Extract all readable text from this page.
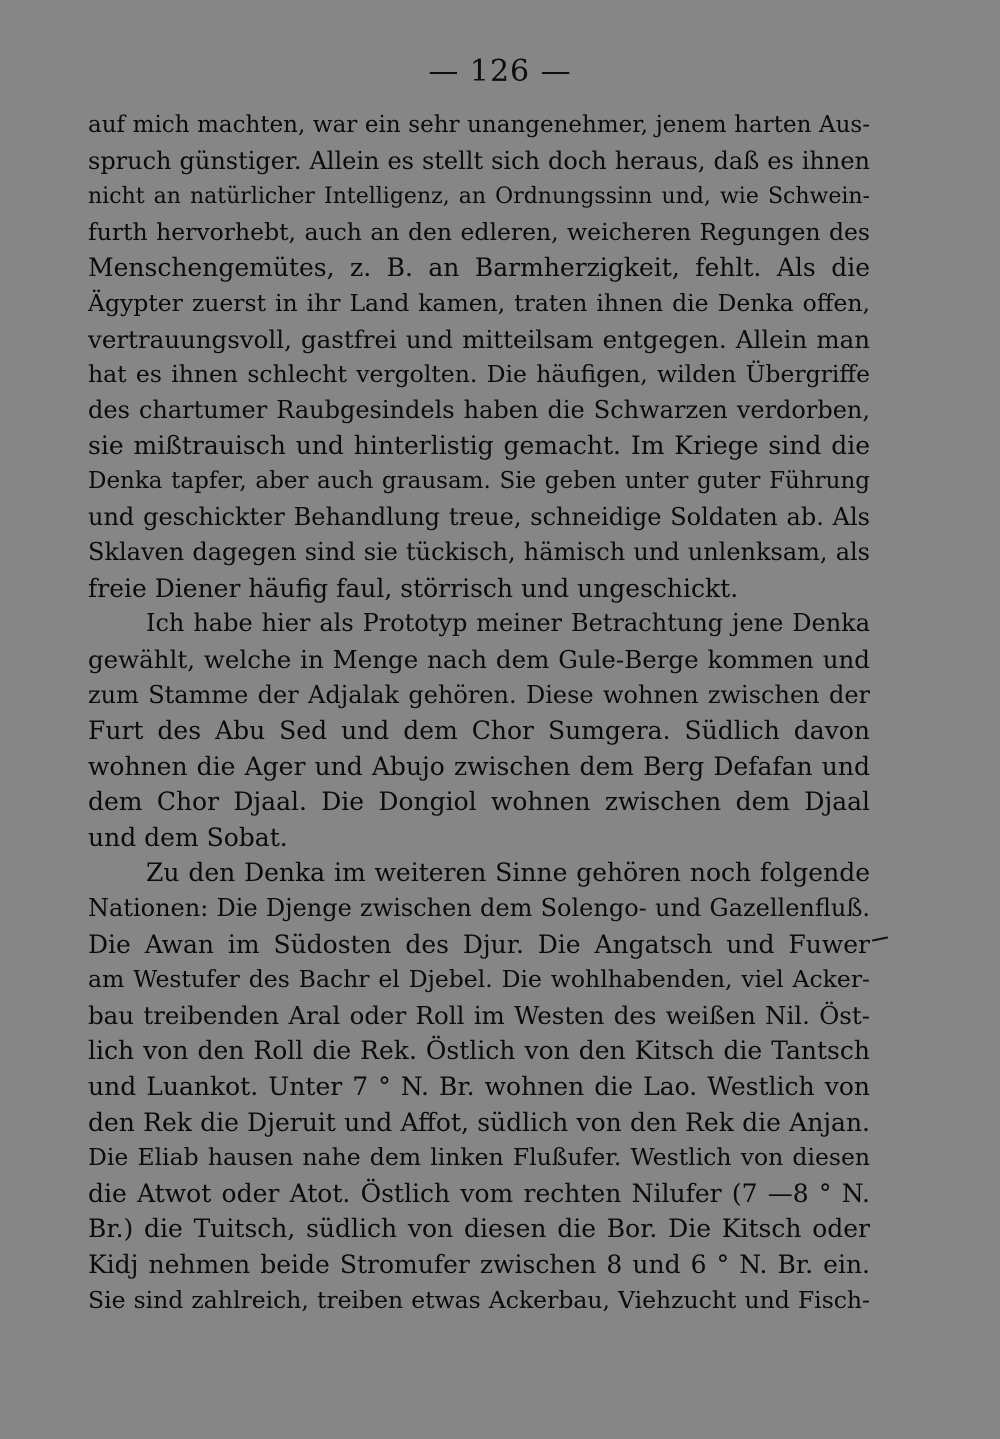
— 126 —
auf mich machten, war ein sehr unangenehmer, jenem harten Aus-
spruch günstiger. Allein es stellt sich doch heraus, daß es ihnen
nicht an natürlicher Intelligenz, an Ordnungssinn und, wie Schwein-
furth hervorhebt, auch an den edleren, weicheren Regungen des
Menschengemütes, z. B. an Barmherzigkeit, fehlt. Als die
Ägypter zuerst in ihr Land kamen, traten ihnen die Denka offen,
vertrauungsvoll, gastfrei und mitteilsam entgegen. Allein man
hat es ihnen schlecht vergolten. Die häufigen, wilden Übergriffe
des chartumer Raubgesindels haben die Schwarzen verdorben,
sie mißtrauisch und hinterlistig gemacht. Im Kriege sind die
Denka tapfer, aber auch grausam. Sie geben unter guter Führung
und geschickter Behandlung treue, schneidige Soldaten ab. Als
Sklaven dagegen sind sie tückisch, hämisch und unlenksam, als
freie Diener häufig faul, störrisch und ungeschickt.
Ich habe hier als Prototyp meiner Betrachtung jene Denka
gewählt, welche in Menge nach dem Gule-Berge kommen und
zum Stamme der Adjalak gehören. Diese wohnen zwischen der
Furt des Abu Sed und dem Chor Sumgera. Südlich davon
wohnen die Ager und Abujo zwischen dem Berg Defafan und
dem Chor Djaal. Die Dongiol wohnen zwischen dem Djaal
und dem Sobat.
Zu den Denka im weiteren Sinne gehören noch folgende
Nationen: Die Djenge zwischen dem Solengo- und Gazellenfluß.
Die Awan im Südosten des Djur. Die Angatsch und Fuwer
am Westufer des Bachr el Djebel. Die wohlhabenden, viel Acker-
bau treibenden Aral oder Roll im Westen des weißen Nil. Öst-
lich von den Roll die Rek. Östlich von den Kitsch die Tantsch
und Luankot. Unter 7 ° N. Br. wohnen die Lao. Westlich von
den Rek die Djeruit und Affot, südlich von den Rek die Anjan.
Die Eliab hausen nahe dem linken Flußufer. Westlich von diesen
die Atwot oder Atot. Östlich vom rechten Nilufer (7 —8 ° N.
Br.) die Tuitsch, südlich von diesen die Bor. Die Kitsch oder
Kidj nehmen beide Stromufer zwischen 8 und 6 ° N. Br. ein.
Sie sind zahlreich, treiben etwas Ackerbau, Viehzucht und Fisch-
